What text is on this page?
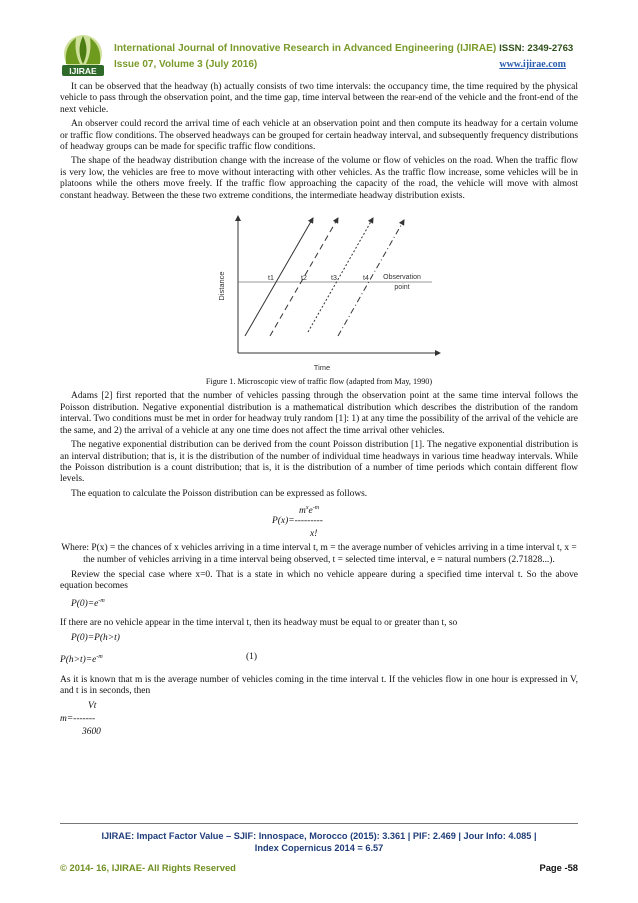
IJIRAE
International Journal of Innovative Research in Advanced Engineering (IJIRAE) ISSN: 2349-2763
Issue 07, Volume 3 (July 2016)	www.ijirae.com

It can be observed that the headway (h) actually consists of two time intervals: the occupancy time, the time required by the physical vehicle to pass through the observation point, and the time gap, time interval between the rear-end of the vehicle and the front-end of the next vehicle.

An observer could record the arrival time of each vehicle at an observation point and then compute its headway for a certain volume or traffic flow conditions. The observed headways can be grouped for certain headway interval, and subsequently frequency distributions of headway groups can be made for specific traffic flow conditions.

The shape of the headway distribution change with the increase of the volume or flow of vehicles on the road. When the traffic flow is very low, the vehicles are free to move without interacting with other vehicles. As the traffic flow increase, some vehicles will be in platoons while the others move freely. If the traffic flow approaching the capacity of the road, the vehicle will move with almost constant headway. Between the these two extreme conditions, the intermediate headway distribution exists.

t1	t2	t3	t4 Observation
point
Distance
Time

Figure 1. Microscopic view of traffic flow (adapted from May, 1990)

Adams [2] first reported that the number of vehicles passing through the observation point at the same time interval follows the Poisson distribution. Negative exponential distribution is a mathematical distribution which describes the distribution of the random interval. Two conditions must be met in order for headway truly random [1]: 1) at any time the possibility of the arrival of the vehicle are the same, and 2) the arrival of a vehicle at any one time does not affect the time arrival other vehicles.

The negative exponential distribution can be derived from the count Poisson distribution [1]. The negative exponential distribution is an interval distribution; that is, it is the distribution of the number of individual time headways in various time headway intervals. While the Poisson distribution is a count distribution; that is, it is the distribution of a number of time periods which contain different flow levels.

The equation to calculate the Poisson distribution can be expressed as follows.

$m^xe^{-m}$
P(x)=---------
x!

Where: P(x) = the chances of x vehicles arriving in a time interval t, m = the average number of vehicles arriving in a time interval t, x = the number of vehicles arriving in a time interval being observed, t = selected time interval, e = natural numbers (2.71828...).

Review the special case where x=0. That is a state in which no vehicle appeare during a specified time interval t. So the above equation becomes

$P(0)=e^{-m}$

If there are no vehicle appear in the time interval t, then its headway must be equal to or greater than t, so

P(0)=P(h>t)

$P(h>t)=e^{-m}$	(1)

As it is known that m is the average number of vehicles coming in the time interval t. If the vehicles flow in one hour is expressed in V, and t is in seconds, then

Vt
m=-------
3600
IJIRAE: Impact Factor Value – SJIF: Innospace, Morocco (2015): 3.361 | PIF: 2.469 | Jour Info: 4.085 |
Index Copernicus 2014 = 6.57
© 2014- 16, IJIRAE- All Rights Reserved	Page -58
